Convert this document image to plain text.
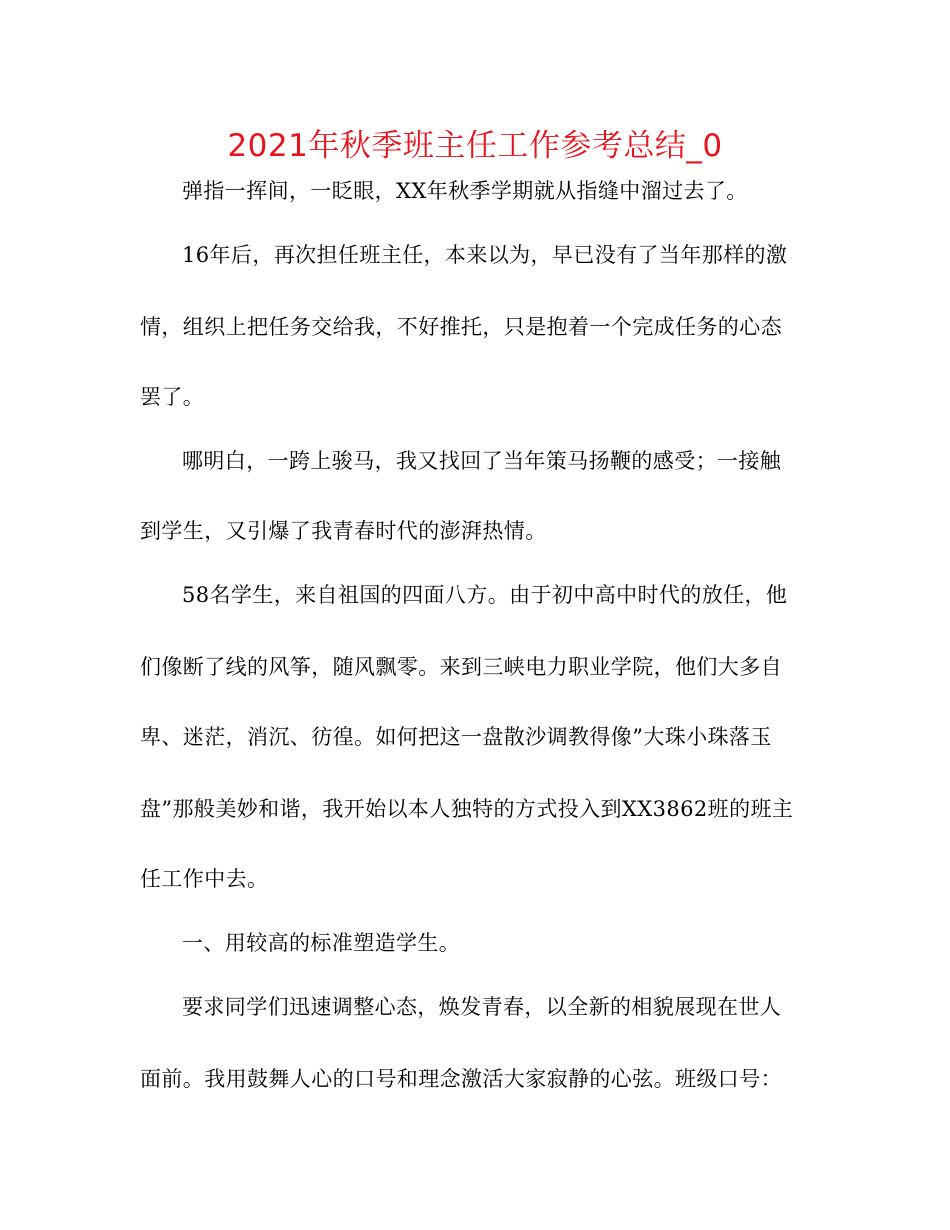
2021年秋季班主任工作参考总结_0
弹指一挥间，一眨眼，XX年秋季学期就从指缝中溜过去了。
16年后，再次担任班主任，本来以为，早已没有了当年那样的激
情，组织上把任务交给我，不好推托，只是抱着一个完成任务的心态
罢了。
哪明白，一跨上骏马，我又找回了当年策马扬鞭的感受；一接触
到学生，又引爆了我青春时代的澎湃热情。
58名学生，来自祖国的四面八方。由于初中高中时代的放任，他
们像断了线的风筝，随风飘零。来到三峡电力职业学院，他们大多自
卑、迷茫，消沉、彷徨。如何把这一盘散沙调教得像”大珠小珠落玉
盘”那般美妙和谐，我开始以本人独特的方式投入到XX3862班的班主
任工作中去。
一、用较高的标准塑造学生。
要求同学们迅速调整心态，焕发青春，以全新的相貌展现在世人
面前。我用鼓舞人心的口号和理念激活大家寂静的心弦。班级口号：
